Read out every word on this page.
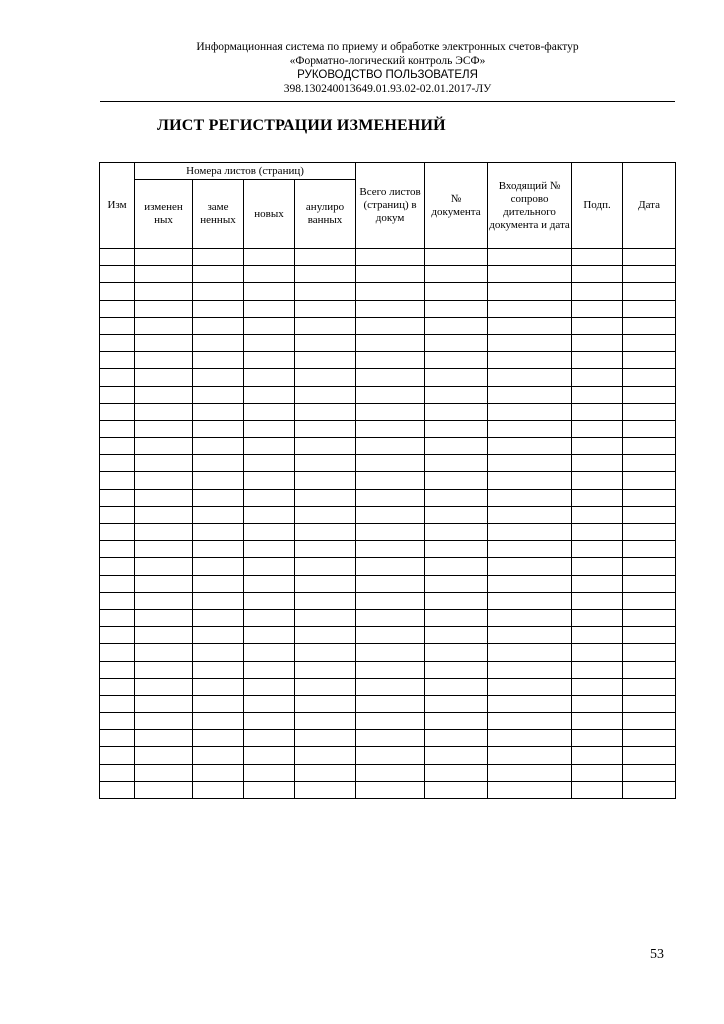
Информационная система по приему и обработке электронных счетов-фактур
«Форматно-логический контроль ЭСФ»
РУКОВОДСТВО ПОЛЬЗОВАТЕЛЯ
398.130240013649.01.93.02-02.01.2017-ЛУ
ЛИСТ РЕГИСТРАЦИИ ИЗМЕНЕНИЙ
Изм	Номера листов (страниц)				Всего листов (страниц) в докум	№ документа	Входящий № сопрово дительного документа и дата	Подп.	Дата
	изменен ных	заме ненных	новых	анулиро ванных					

53
